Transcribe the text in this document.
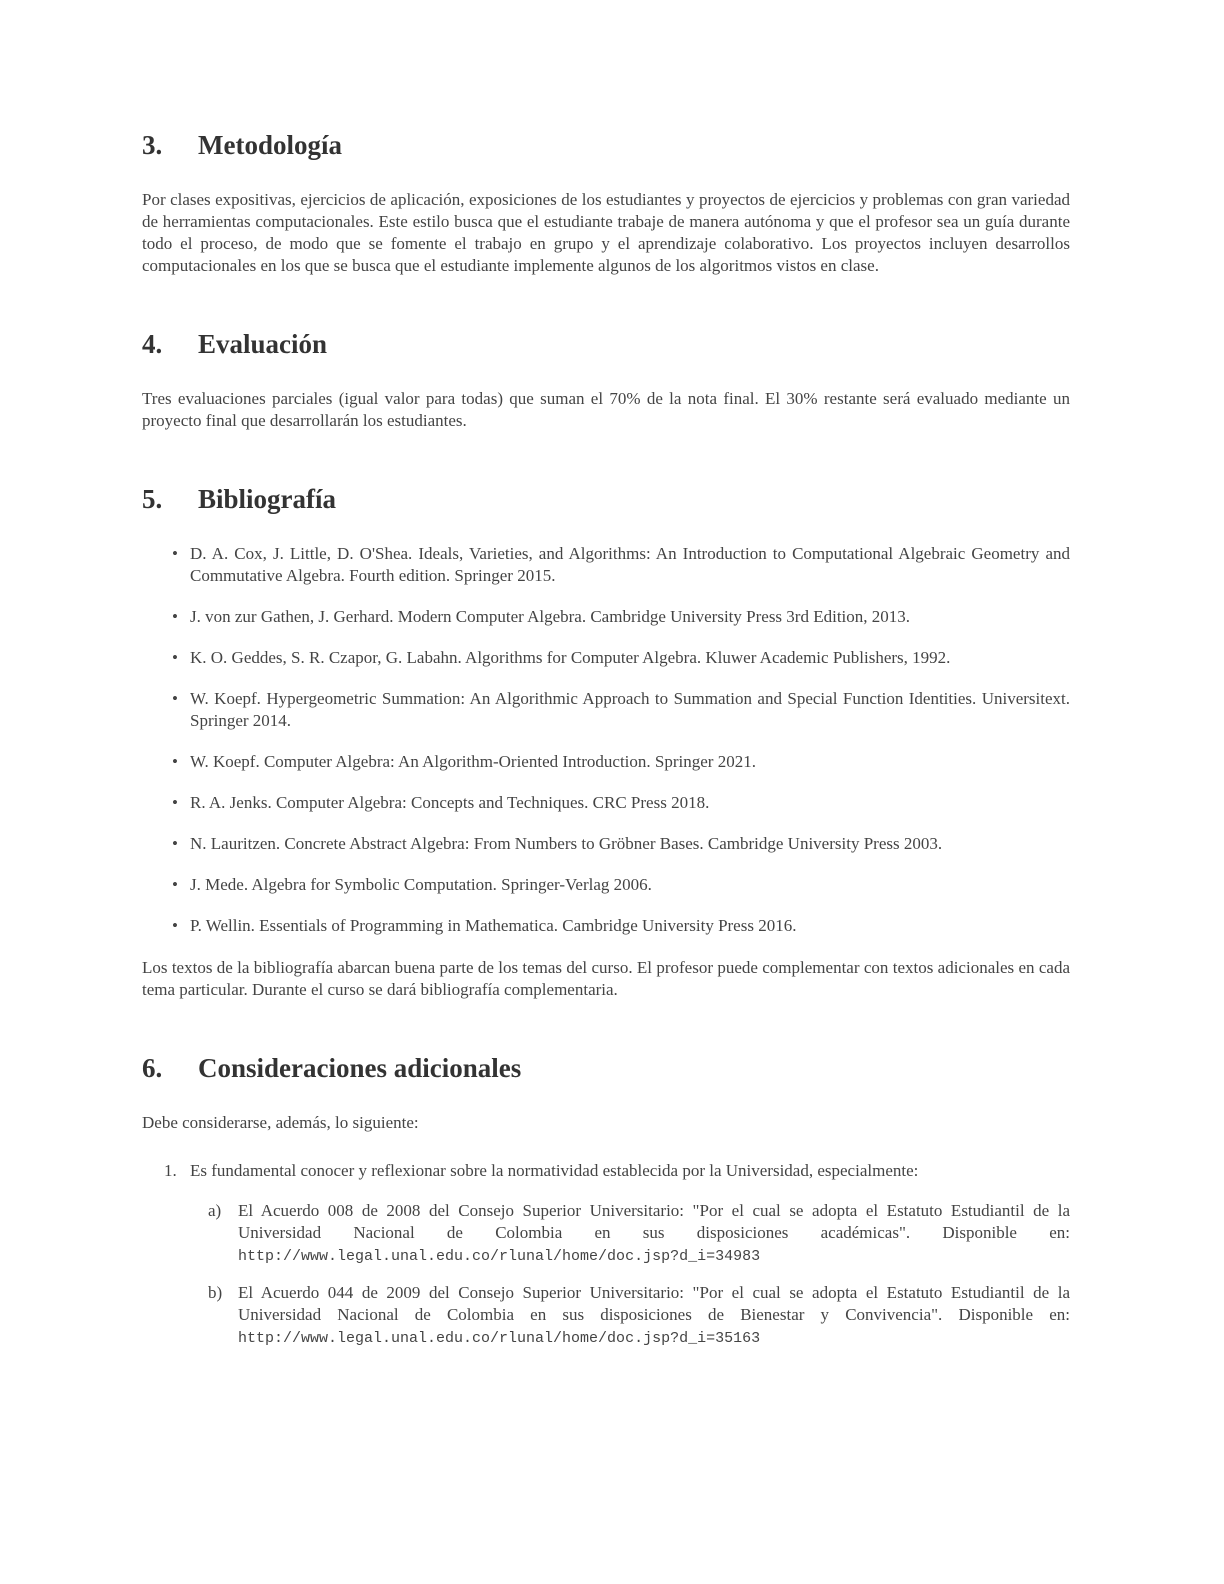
3.	Metodología

Por clases expositivas, ejercicios de aplicación, exposiciones de los estudiantes y proyectos de ejercicios y problemas con gran variedad de herramientas computacionales. Este estilo busca que el estudiante trabaje de manera autónoma y que el profesor sea un guía durante todo el proceso, de modo que se fomente el trabajo en grupo y el aprendizaje colaborativo. Los proyectos incluyen desarrollos computacionales en los que se busca que el estudiante implemente algunos de los algoritmos vistos en clase.

4.	Evaluación

Tres evaluaciones parciales (igual valor para todas) que suman el 70% de la nota final. El 30% restante será evaluado mediante un proyecto final que desarrollarán los estudiantes.

5.	Bibliografía
• D. A. Cox, J. Little, D. O'Shea. Ideals, Varieties, and Algorithms: An Introduction to Computational Algebraic Geometry and Commutative Algebra. Fourth edition. Springer 2015.
• J. von zur Gathen, J. Gerhard. Modern Computer Algebra. Cambridge University Press 3rd Edition, 2013.
• K. O. Geddes, S. R. Czapor, G. Labahn. Algorithms for Computer Algebra. Kluwer Academic Publishers, 1992.
• W. Koepf. Hypergeometric Summation: An Algorithmic Approach to Summation and Special Function Identities. Universitext. Springer 2014.
• W. Koepf. Computer Algebra: An Algorithm-Oriented Introduction. Springer 2021.
• R. A. Jenks. Computer Algebra: Concepts and Techniques. CRC Press 2018.
• N. Lauritzen. Concrete Abstract Algebra: From Numbers to Gröbner Bases. Cambridge University Press 2003.
• J. Mede. Algebra for Symbolic Computation. Springer-Verlag 2006.
• P. Wellin. Essentials of Programming in Mathematica. Cambridge University Press 2016.

Los textos de la bibliografía abarcan buena parte de los temas del curso. El profesor puede complementar con textos adicionales en cada tema particular. Durante el curso se dará bibliografía complementaria.

6.	Consideraciones adicionales

Debe considerarse, además, lo siguiente:

1. Es fundamental conocer y reflexionar sobre la normatividad establecida por la Universidad, especialmente:
a) El Acuerdo 008 de 2008 del Consejo Superior Universitario: "Por el cual se adopta el Estatuto Estudiantil de la Universidad Nacional de Colombia en sus disposiciones académicas". Disponible en: http://www.legal.unal.edu.co/rlunal/home/doc.jsp?d_i=34983
b) El Acuerdo 044 de 2009 del Consejo Superior Universitario: "Por el cual se adopta el Estatuto Estudiantil de la Universidad Nacional de Colombia en sus disposiciones de Bienestar y Convivencia". Disponible en: http://www.legal.unal.edu.co/rlunal/home/doc.jsp?d_i=35163
